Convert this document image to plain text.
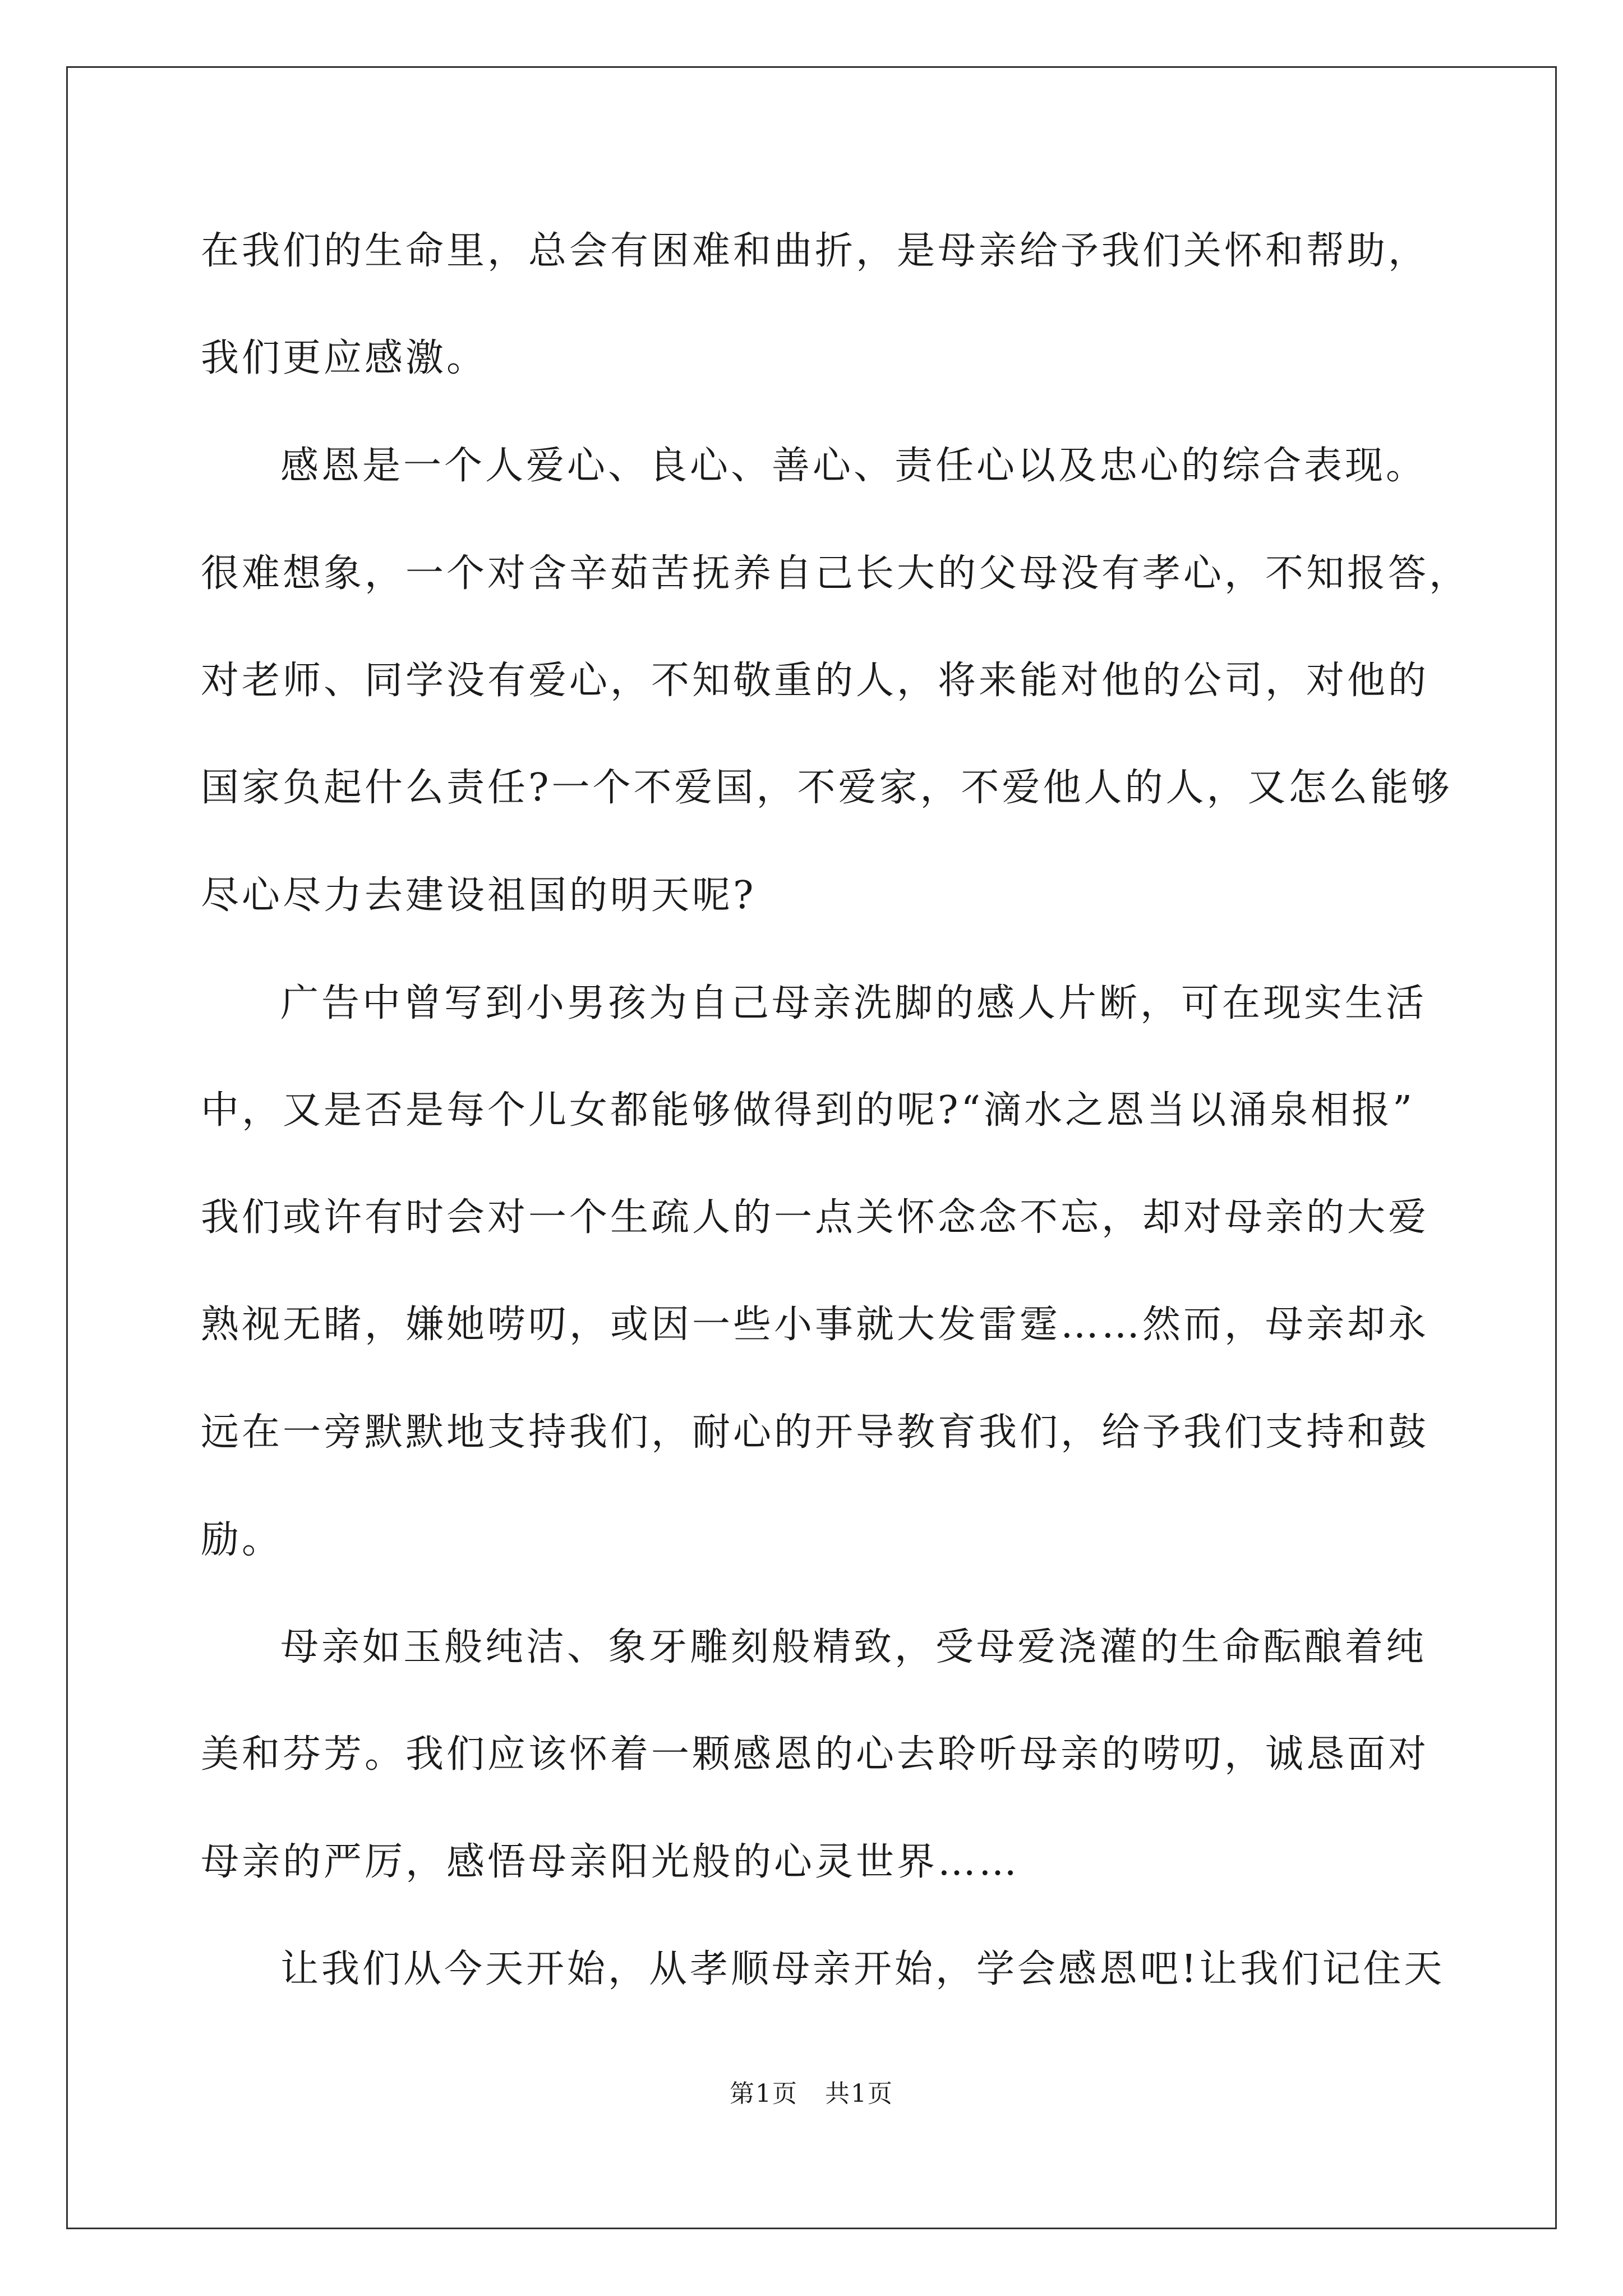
在我们的生命里，总会有困难和曲折，是母亲给予我们关怀和帮助，
我们更应感激。
感恩是一个人爱心、良心、善心、责任心以及忠心的综合表现。
很难想象，一个对含辛茹苦抚养自己长大的父母没有孝心，不知报答，
对老师、同学没有爱心，不知敬重的人，将来能对他的公司，对他的
国家负起什么责任?一个不爱国，不爱家，不爱他人的人，又怎么能够
尽心尽力去建设祖国的明天呢?
广告中曾写到小男孩为自己母亲洗脚的感人片断，可在现实生活
中，又是否是每个儿女都能够做得到的呢?“滴水之恩当以涌泉相报”
我们或许有时会对一个生疏人的一点关怀念念不忘，却对母亲的大爱
熟视无睹，嫌她唠叨，或因一些小事就大发雷霆……然而，母亲却永
远在一旁默默地支持我们，耐心的开导教育我们，给予我们支持和鼓
励。
母亲如玉般纯洁、象牙雕刻般精致，受母爱浇灌的生命酝酿着纯
美和芬芳。我们应该怀着一颗感恩的心去聆听母亲的唠叨，诚恳面对
母亲的严厉，感悟母亲阳光般的心灵世界……
让我们从今天开始，从孝顺母亲开始，学会感恩吧!让我们记住天
第1页   共1页
